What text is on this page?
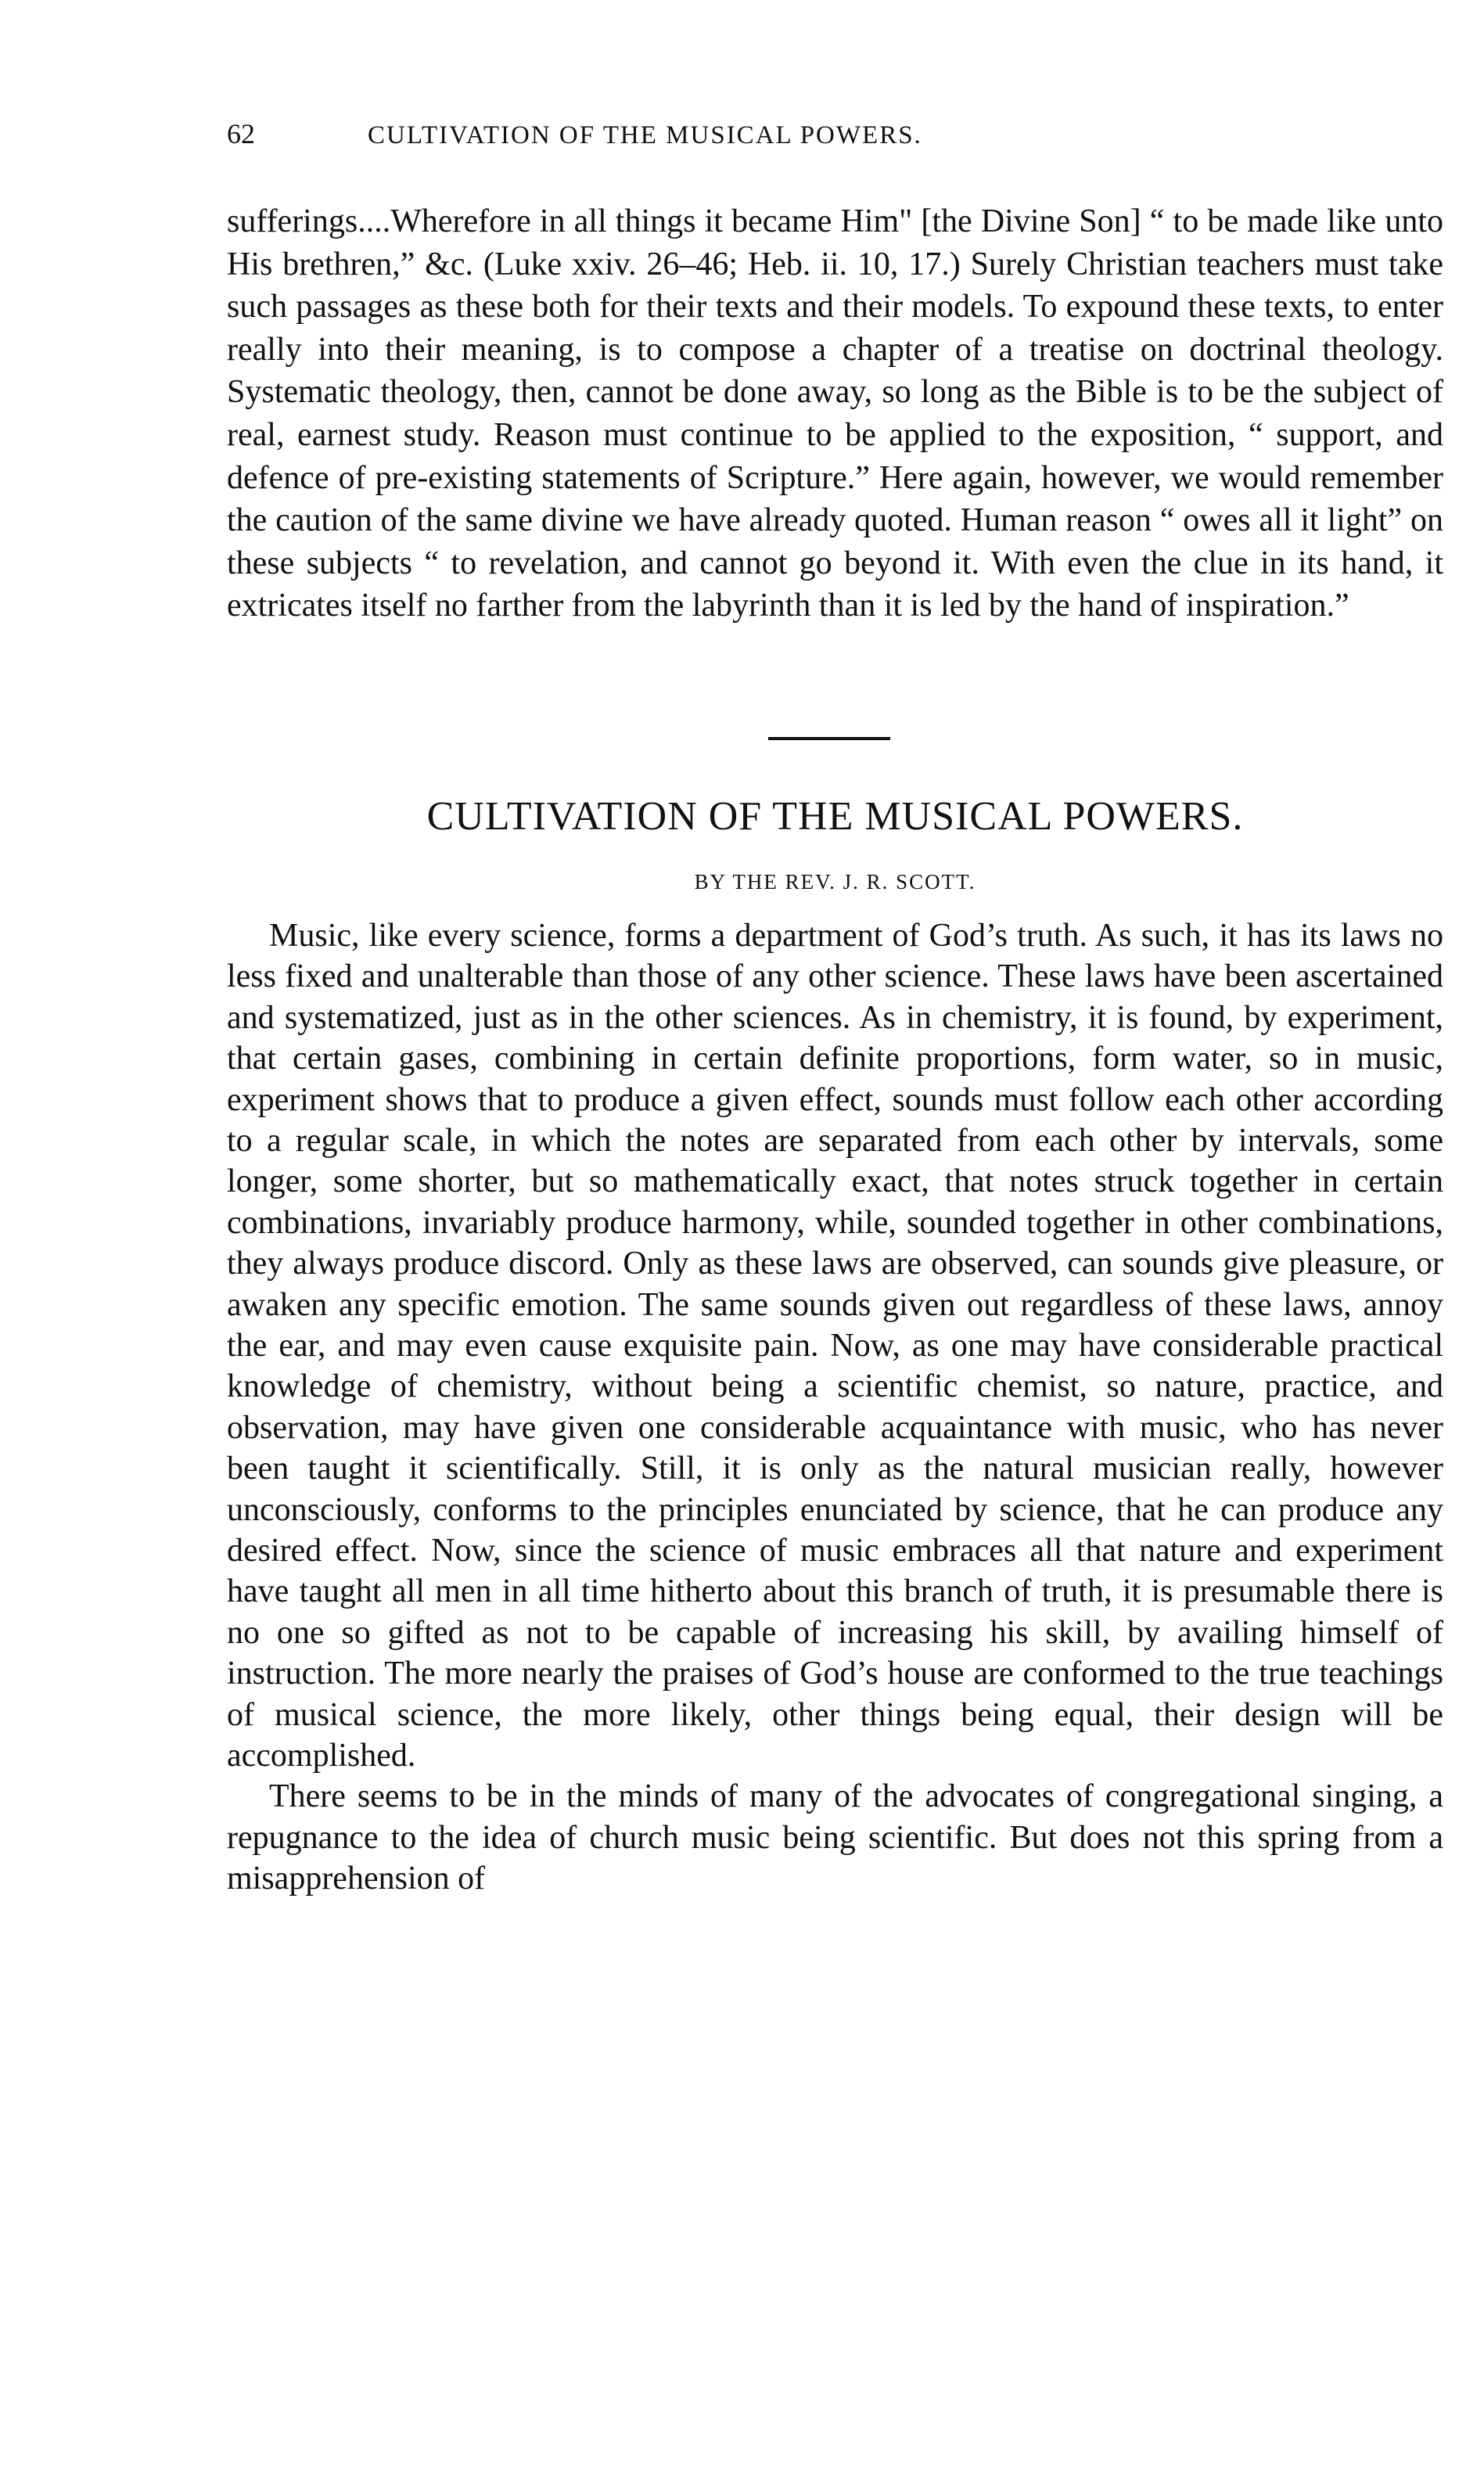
62	CULTIVATION OF THE MUSICAL POWERS.

sufferings....Wherefore in all things it became Him" [the Divine Son] “ to be made like unto His brethren,” &c. (Luke xxiv. 26–46; Heb. ii. 10, 17.) Surely Christian teachers must take such passages as these both for their texts and their models. To expound these texts, to enter really into their meaning, is to compose a chapter of a treatise on doctrinal theology. Systematic theology, then, cannot be done away, so long as the Bible is to be the subject of real, earnest study. Reason must continue to be applied to the exposition, “ support, and defence of pre-existing statements of Scripture.” Here again, however, we would remember the caution of the same divine we have already quoted. Human reason “ owes all it light” on these subjects “ to revelation, and cannot go beyond it. With even the clue in its hand, it extricates itself no farther from the labyrinth than it is led by the hand of inspiration.”

CULTIVATION OF THE MUSICAL POWERS.
BY THE REV. J. R. SCOTT.

Music, like every science, forms a department of God’s truth. As such, it has its laws no less fixed and unalterable than those of any other science. These laws have been ascertained and systematized, just as in the other sciences. As in chemistry, it is found, by experiment, that certain gases, combining in certain definite proportions, form water, so in music, experiment shows that to produce a given effect, sounds must follow each other according to a regular scale, in which the notes are separated from each other by intervals, some longer, some shorter, but so mathematically exact, that notes struck together in certain combinations, invariably produce harmony, while, sounded together in other combinations, they always produce discord. Only as these laws are observed, can sounds give pleasure, or awaken any specific emotion. The same sounds given out regardless of these laws, annoy the ear, and may even cause exquisite pain. Now, as one may have considerable practical knowledge of chemistry, without being a scientific chemist, so nature, practice, and observation, may have given one considerable acquaintance with music, who has never been taught it scientifically. Still, it is only as the natural musician really, however unconsciously, conforms to the principles enunciated by science, that he can produce any desired effect. Now, since the science of music embraces all that nature and experiment have taught all men in all time hitherto about this branch of truth, it is presumable there is no one so gifted as not to be capable of increasing his skill, by availing himself of instruction. The more nearly the praises of God’s house are conformed to the true teachings of musical science, the more likely, other things being equal, their design will be accomplished.

There seems to be in the minds of many of the advocates of congregational singing, a repugnance to the idea of church music being scientific. But does not this spring from a misapprehension of
